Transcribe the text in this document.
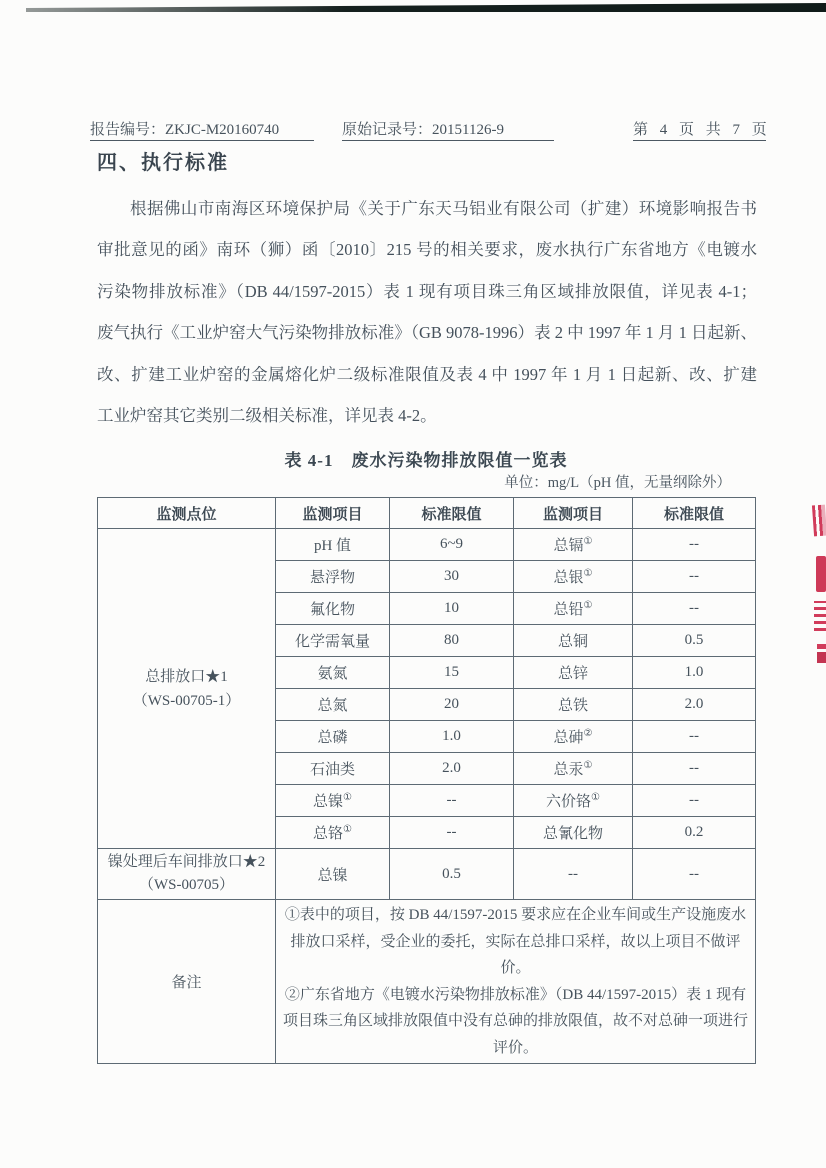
报告编号：ZKJC-M20160740	原始记录号：20151126-9	第 4 页 共 7 页
四、执行标准
根据佛山市南海区环境保护局《关于广东天马铝业有限公司（扩建）环境影响报告书
审批意见的函》南环（狮）函〔2010〕215 号的相关要求，废水执行广东省地方《电镀水
污染物排放标准》（DB 44/1597-2015）表 1 现有项目珠三角区域排放限值，详见表 4-1；
废气执行《工业炉窑大气污染物排放标准》（GB 9078-1996）表 2 中 1997 年 1 月 1 日起新、
改、扩建工业炉窑的金属熔化炉二级标准限值及表 4 中 1997 年 1 月 1 日起新、改、扩建
工业炉窑其它类别二级相关标准，详见表 4-2。
表 4-1　废水污染物排放限值一览表
单位：mg/L（pH 值，无量纲除外）
监测点位	监测项目	标准限值	监测项目	标准限值

总排放口★1
（WS-00705-1）	pH 值	6~9	总镉①	--
	悬浮物	30	总银①	--
	氟化物	10	总铅①	--
	化学需氧量	80	总铜	0.5
	氨氮	15	总锌	1.0
	总氮	20	总铁	2.0
	总磷	1.0	总砷②	--
	石油类	2.0	总汞①	--
	总镍①	--	六价铬①	--
	总铬①	--	总氰化物	0.2

镍处理后车间排放口★2
（WS-00705）	总镍	0.5	--	--
备注	①表中的项目，按 DB 44/1597-2015 要求应在企业车间或生产设施废水排放口采样，受企业的委托，实际在总排口采样，故以上项目不做评价。
②广东省地方《电镀水污染物排放标准》（DB 44/1597-2015）表 1 现有项目珠三角区域排放限值中没有总砷的排放限值，故不对总砷一项进行评价。			
